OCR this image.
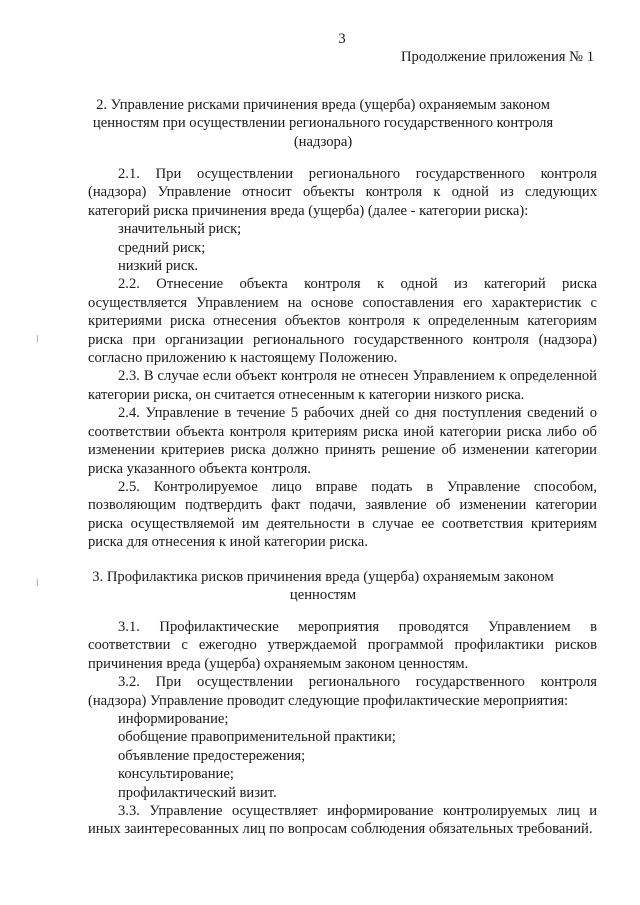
3
Продолжение приложения № 1
׀
׀
2. Управление рисками причинения вреда (ущерба) охраняемым законом ценностям при осуществлении регионального государственного контроля (надзора)

2.1. При осуществлении регионального государственного контроля (надзора) Управление относит объекты контроля к одной из следующих категорий риска причинения вреда (ущерба) (далее - категории риска):

значительный риск;
средний риск;
низкий риск.

2.2. Отнесение объекта контроля к одной из категорий риска осуществляется Управлением на основе сопоставления его характеристик с критериями риска отнесения объектов контроля к определенным категориям риска при организации регионального государственного контроля (надзора) согласно приложению к настоящему Положению.

2.3. В случае если объект контроля не отнесен Управлением к определенной категории риска, он считается отнесенным к категории низкого риска.

2.4. Управление в течение 5 рабочих дней со дня поступления сведений о соответствии объекта контроля критериям риска иной категории риска либо об изменении критериев риска должно принять решение об изменении категории риска указанного объекта контроля.

2.5. Контролируемое лицо вправе подать в Управление способом, позволяющим подтвердить факт подачи, заявление об изменении категории риска осуществляемой им деятельности в случае ее соответствия критериям риска для отнесения к иной категории риска.

3. Профилактика рисков причинения вреда (ущерба) охраняемым законом ценностям

3.1. Профилактические мероприятия проводятся Управлением в соответствии с ежегодно утверждаемой программой профилактики рисков причинения вреда (ущерба) охраняемым законом ценностям.

3.2. При осуществлении регионального государственного контроля (надзора) Управление проводит следующие профилактические мероприятия:

информирование;
обобщение правоприменительной практики;
объявление предостережения;
консультирование;
профилактический визит.

3.3. Управление осуществляет информирование контролируемых лиц и иных заинтересованных лиц по вопросам соблюдения обязательных требований.
